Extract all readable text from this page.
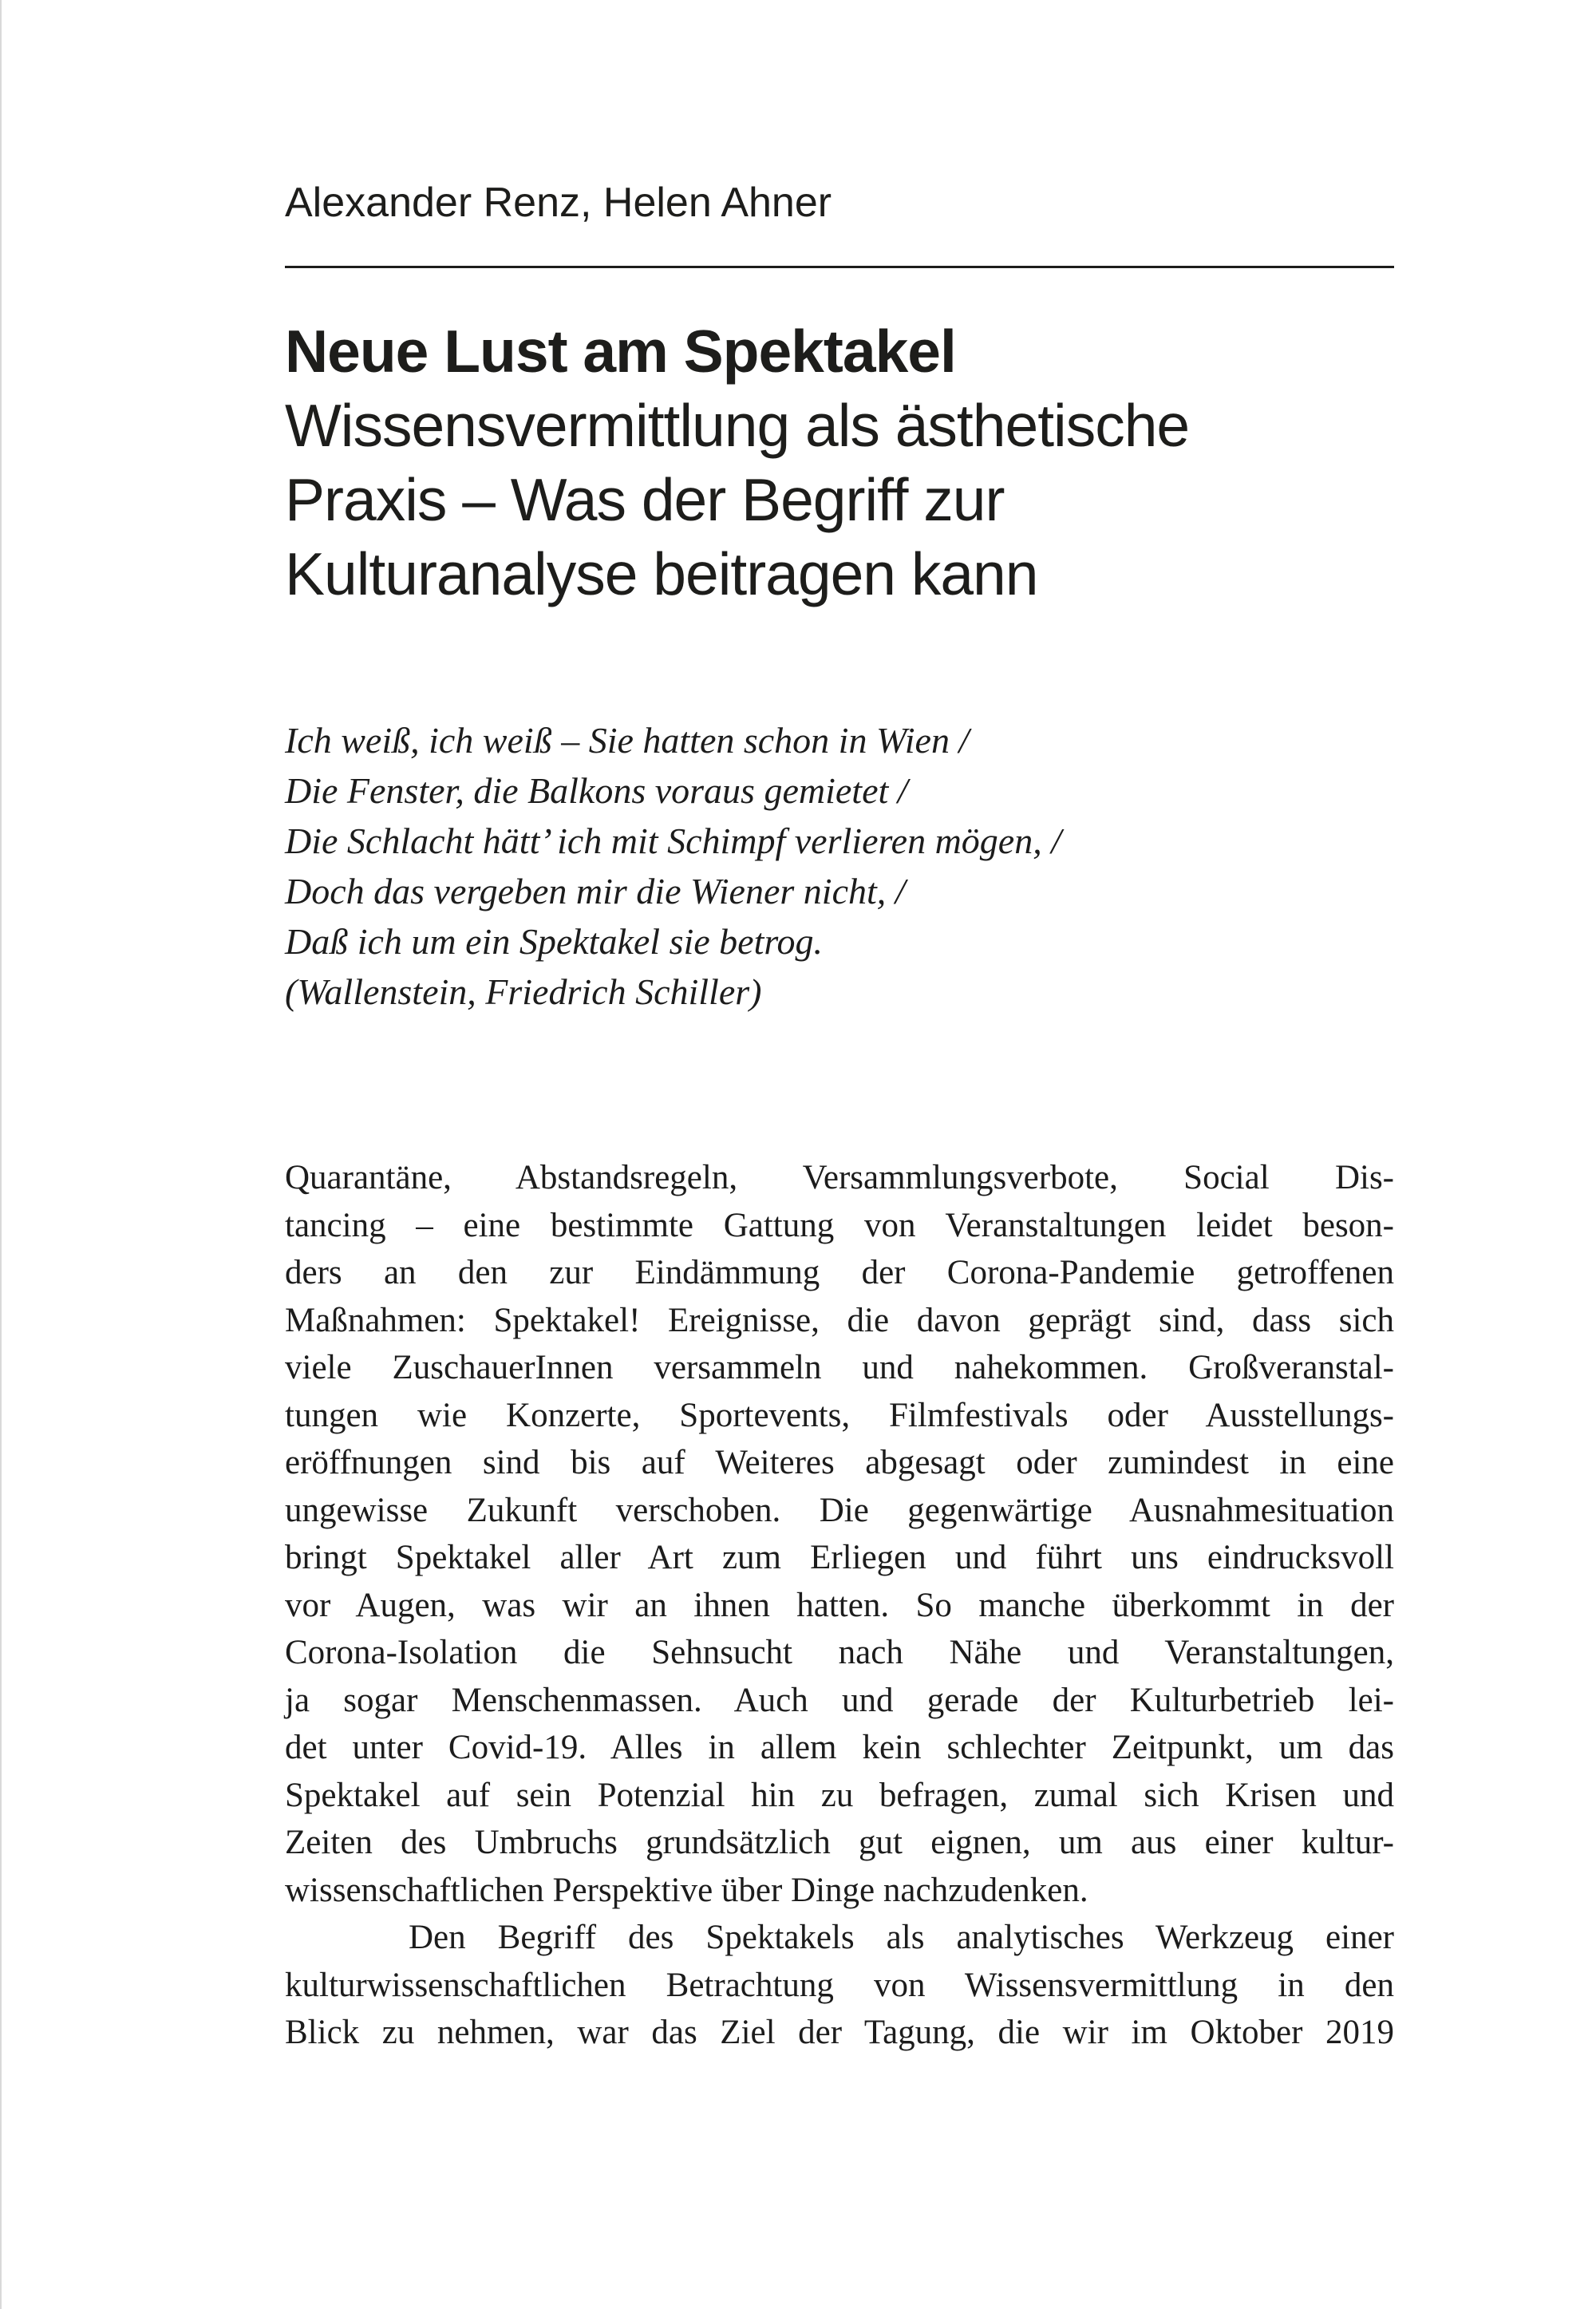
Alexander Renz, Helen Ahner
Neue Lust am Spektakel
Wissensvermittlung als ästhetische
Praxis – Was der Begriff zur
Kulturanalyse beitragen kann
Ich weiß, ich weiß – Sie hatten schon in Wien /
Die Fenster, die Balkons voraus gemietet /
Die Schlacht hätt’ ich mit Schimpf verlieren mögen, /
Doch das vergeben mir die Wiener nicht, /
Daß ich um ein Spektakel sie betrog.
(Wallenstein, Friedrich Schiller)
Quarantäne, Abstandsregeln, Versammlungsverbote, Social Dis-
tancing – eine bestimmte Gattung von Veranstaltungen leidet beson-
ders an den zur Eindämmung der Corona-Pandemie getroffenen
Maßnahmen: Spektakel! Ereignisse, die davon geprägt sind, dass sich
viele ZuschauerInnen versammeln und nahekommen. Großveranstal-
tungen wie Konzerte, Sportevents, Filmfestivals oder Ausstellungs-
eröffnungen sind bis auf Weiteres abgesagt oder zumindest in eine
ungewisse Zukunft verschoben. Die gegenwärtige Ausnahmesituation
bringt Spektakel aller Art zum Erliegen und führt uns eindrucksvoll
vor Augen, was wir an ihnen hatten. So manche überkommt in der
Corona-Isolation die Sehnsucht nach Nähe und Veranstaltungen,
ja sogar Menschenmassen. Auch und gerade der Kulturbetrieb lei-
det unter Covid-19. Alles in allem kein schlechter Zeitpunkt, um das
Spektakel auf sein Potenzial hin zu befragen, zumal sich Krisen und
Zeiten des Umbruchs grundsätzlich gut eignen, um aus einer kultur-
wissenschaftlichen Perspektive über Dinge nachzudenken.
Den Begriff des Spektakels als analytisches Werkzeug einer
kulturwissenschaftlichen Betrachtung von Wissensvermittlung in den
Blick zu nehmen, war das Ziel der Tagung, die wir im Oktober 2019
